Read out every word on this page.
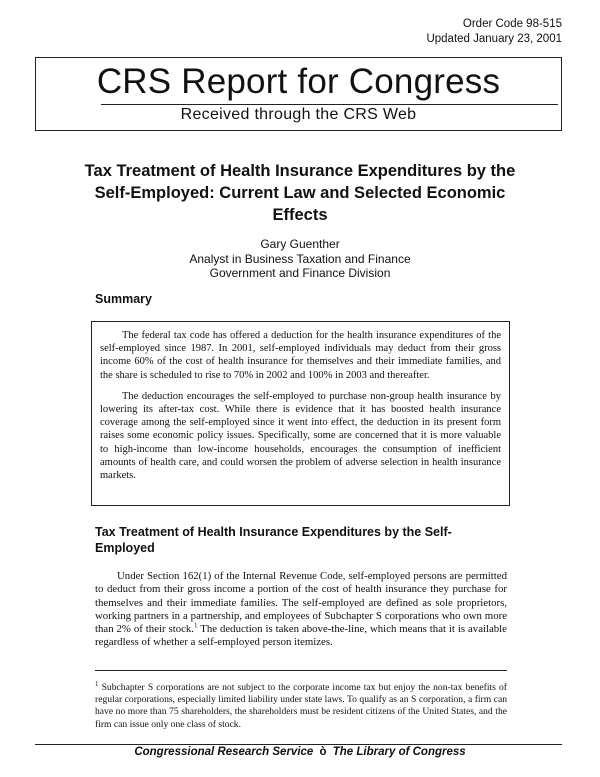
Order Code 98-515
Updated January 23, 2001
CRS Report for Congress
Received through the CRS Web
Tax Treatment of Health Insurance Expenditures by the Self-Employed: Current Law and Selected Economic Effects
Gary Guenther
Analyst in Business Taxation and Finance
Government and Finance Division
Summary

The federal tax code has offered a deduction for the health insurance expenditures of the self-employed since 1987. In 2001, self-employed individuals may deduct from their gross income 60% of the cost of health insurance for themselves and their immediate families, and the share is scheduled to rise to 70% in 2002 and 100% in 2003 and thereafter.

The deduction encourages the self-employed to purchase non-group health insurance by lowering its after-tax cost. While there is evidence that it has boosted health insurance coverage among the self-employed since it went into effect, the deduction in its present form raises some economic policy issues. Specifically, some are concerned that it is more valuable to high-income than low-income households, encourages the consumption of inefficient amounts of health care, and could worsen the problem of adverse selection in health insurance markets.

Tax Treatment of Health Insurance Expenditures by the Self-Employed

Under Section 162(1) of the Internal Revenue Code, self-employed persons are permitted to deduct from their gross income a portion of the cost of health insurance they purchase for themselves and their immediate families. The self-employed are defined as sole proprietors, working partners in a partnership, and employees of Subchapter S corporations who own more than 2% of their stock.$^1$ The deduction is taken above-the-line, which means that it is available regardless of whether a self-employed person itemizes.

$^1$ Subchapter S corporations are not subject to the corporate income tax but enjoy the non-tax benefits of regular corporations, especially limited liability under state laws. To qualify as an S corporation, a firm can have no more than 75 shareholders, the shareholders must be resident citizens of the United States, and the firm can issue only one class of stock.

Congressional Research Service ò The Library of Congress
